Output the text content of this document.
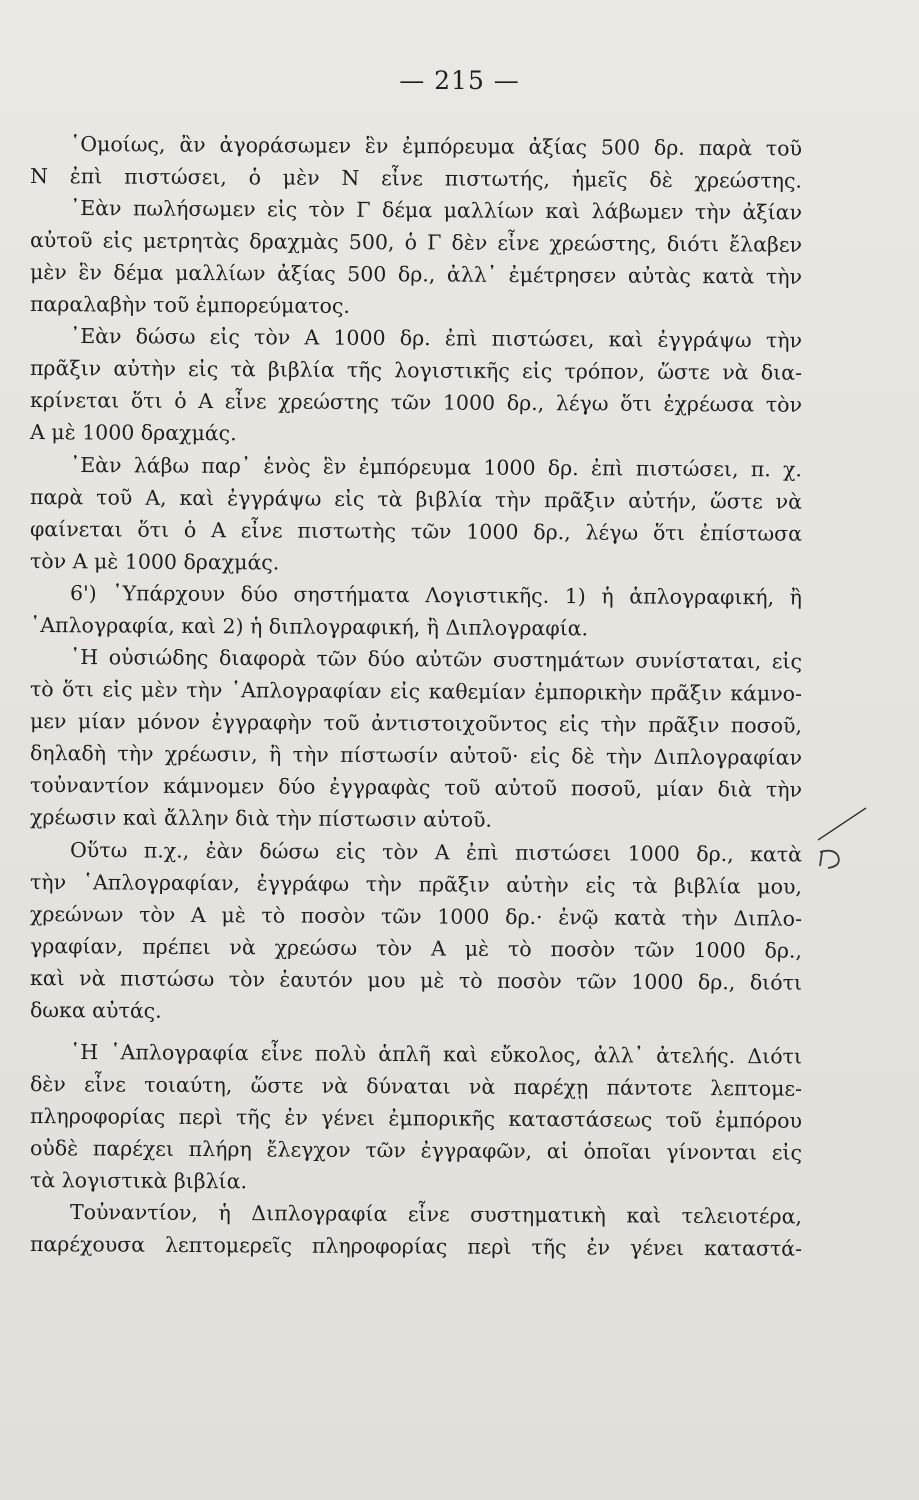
— 215 —
῾Ομοίως, ἂν ἀγοράσωμεν ἓν ἐμπόρευμα ἀξίας 500 δρ. παρὰ τοῦ
Ν ἐπὶ πιστώσει, ὁ μὲν Ν εἶνε πιστωτής, ἡμεῖς δὲ χρεώστης.
᾿Εὰν πωλήσωμεν εἰς τὸν Γ δέμα μαλλίων καὶ λάβωμεν τὴν ἀξίαν
αὐτοῦ εἰς μετρητὰς δραχμὰς 500, ὁ Γ δὲν εἶνε χρεώστης, διότι ἔλαβεν
μὲν ἓν δέμα μαλλίων ἀξίας 500 δρ., ἀλλ᾿ ἐμέτρησεν αὐτὰς κατὰ τὴν
παραλαβὴν τοῦ ἐμπορεύματος.
᾿Εὰν δώσω εἰς τὸν Α 1000 δρ. ἐπὶ πιστώσει, καὶ ἐγγράψω τὴν
πρᾶξιν αὐτὴν εἰς τὰ βιβλία τῆς λογιστικῆς εἰς τρόπον, ὥστε νὰ δια-
κρίνεται ὅτι ὁ Α εἶνε χρεώστης τῶν 1000 δρ., λέγω ὅτι ἐχρέωσα τὸν
Α μὲ 1000 δραχμάς.
᾿Εὰν λάβω παρ᾿ ἑνὸς ἓν ἐμπόρευμα 1000 δρ. ἐπὶ πιστώσει, π. χ.
παρὰ τοῦ Α, καὶ ἐγγράψω εἰς τὰ βιβλία τὴν πρᾶξιν αὐτήν, ὥστε νὰ
φαίνεται ὅτι ὁ Α εἶνε πιστωτὴς τῶν 1000 δρ., λέγω ὅτι ἐπίστωσα
τὸν Α μὲ 1000 δραχμάς.
6') ῾Υπάρχουν δύο σηστήματα Λογιστικῆς. 1) ἡ ἁπλογραφική, ἢ
῾Απλογραφία, καὶ 2) ἡ διπλογραφική, ἢ Διπλογραφία.
῾Η οὐσιώδης διαφορὰ τῶν δύο αὐτῶν συστημάτων συνίσταται, εἰς
τὸ ὅτι εἰς μὲν τὴν ῾Απλογραφίαν εἰς καθεμίαν ἐμπορικὴν πρᾶξιν κάμνο-
μεν μίαν μόνον ἐγγραφὴν τοῦ ἀντιστοιχοῦντος εἰς τὴν πρᾶξιν ποσοῦ,
δηλαδὴ τὴν χρέωσιν, ἢ τὴν πίστωσίν αὐτοῦ· εἰς δὲ τὴν Διπλογραφίαν
τοὐναντίον κάμνομεν δύο ἐγγραφὰς τοῦ αὐτοῦ ποσοῦ, μίαν διὰ τὴν
χρέωσιν καὶ ἄλλην διὰ τὴν πίστωσιν αὐτοῦ.
Οὕτω π.χ., ἐὰν δώσω εἰς τὸν Α ἐπὶ πιστώσει 1000 δρ., κατὰ
τὴν ῾Απλογραφίαν, ἐγγράφω τὴν πρᾶξιν αὐτὴν εἰς τὰ βιβλία μου,
χρεώνων τὸν Α μὲ τὸ ποσὸν τῶν 1000 δρ.· ἐνῷ κατὰ τὴν Διπλο-
γραφίαν, πρέπει νὰ χρεώσω τὸν Α μὲ τὸ ποσὸν τῶν 1000 δρ.,
καὶ νὰ πιστώσω τὸν ἑαυτόν μου μὲ τὸ ποσὸν τῶν 1000 δρ., διότι
δωκα αὐτάς.
῾Η ῾Απλογραφία εἶνε πολὺ ἁπλῆ καὶ εὔκολος, ἀλλ᾿ ἀτελής. Διότι
δὲν εἶνε τοιαύτη, ὥστε νὰ δύναται νὰ παρέχῃ πάντοτε λεπτομε-
πληροφορίας περὶ τῆς ἐν γένει ἐμπορικῆς καταστάσεως τοῦ ἐμπόρου
οὐδὲ παρέχει πλήρη ἔλεγχον τῶν ἐγγραφῶν, αἱ ὁποῖαι γίνονται εἰς
τὰ λογιστικὰ βιβλία.
Τοὐναντίον, ἡ Διπλογραφία εἶνε συστηματικὴ καὶ τελειοτέρα,
παρέχουσα λεπτομερεῖς πληροφορίας περὶ τῆς ἐν γένει καταστά-
